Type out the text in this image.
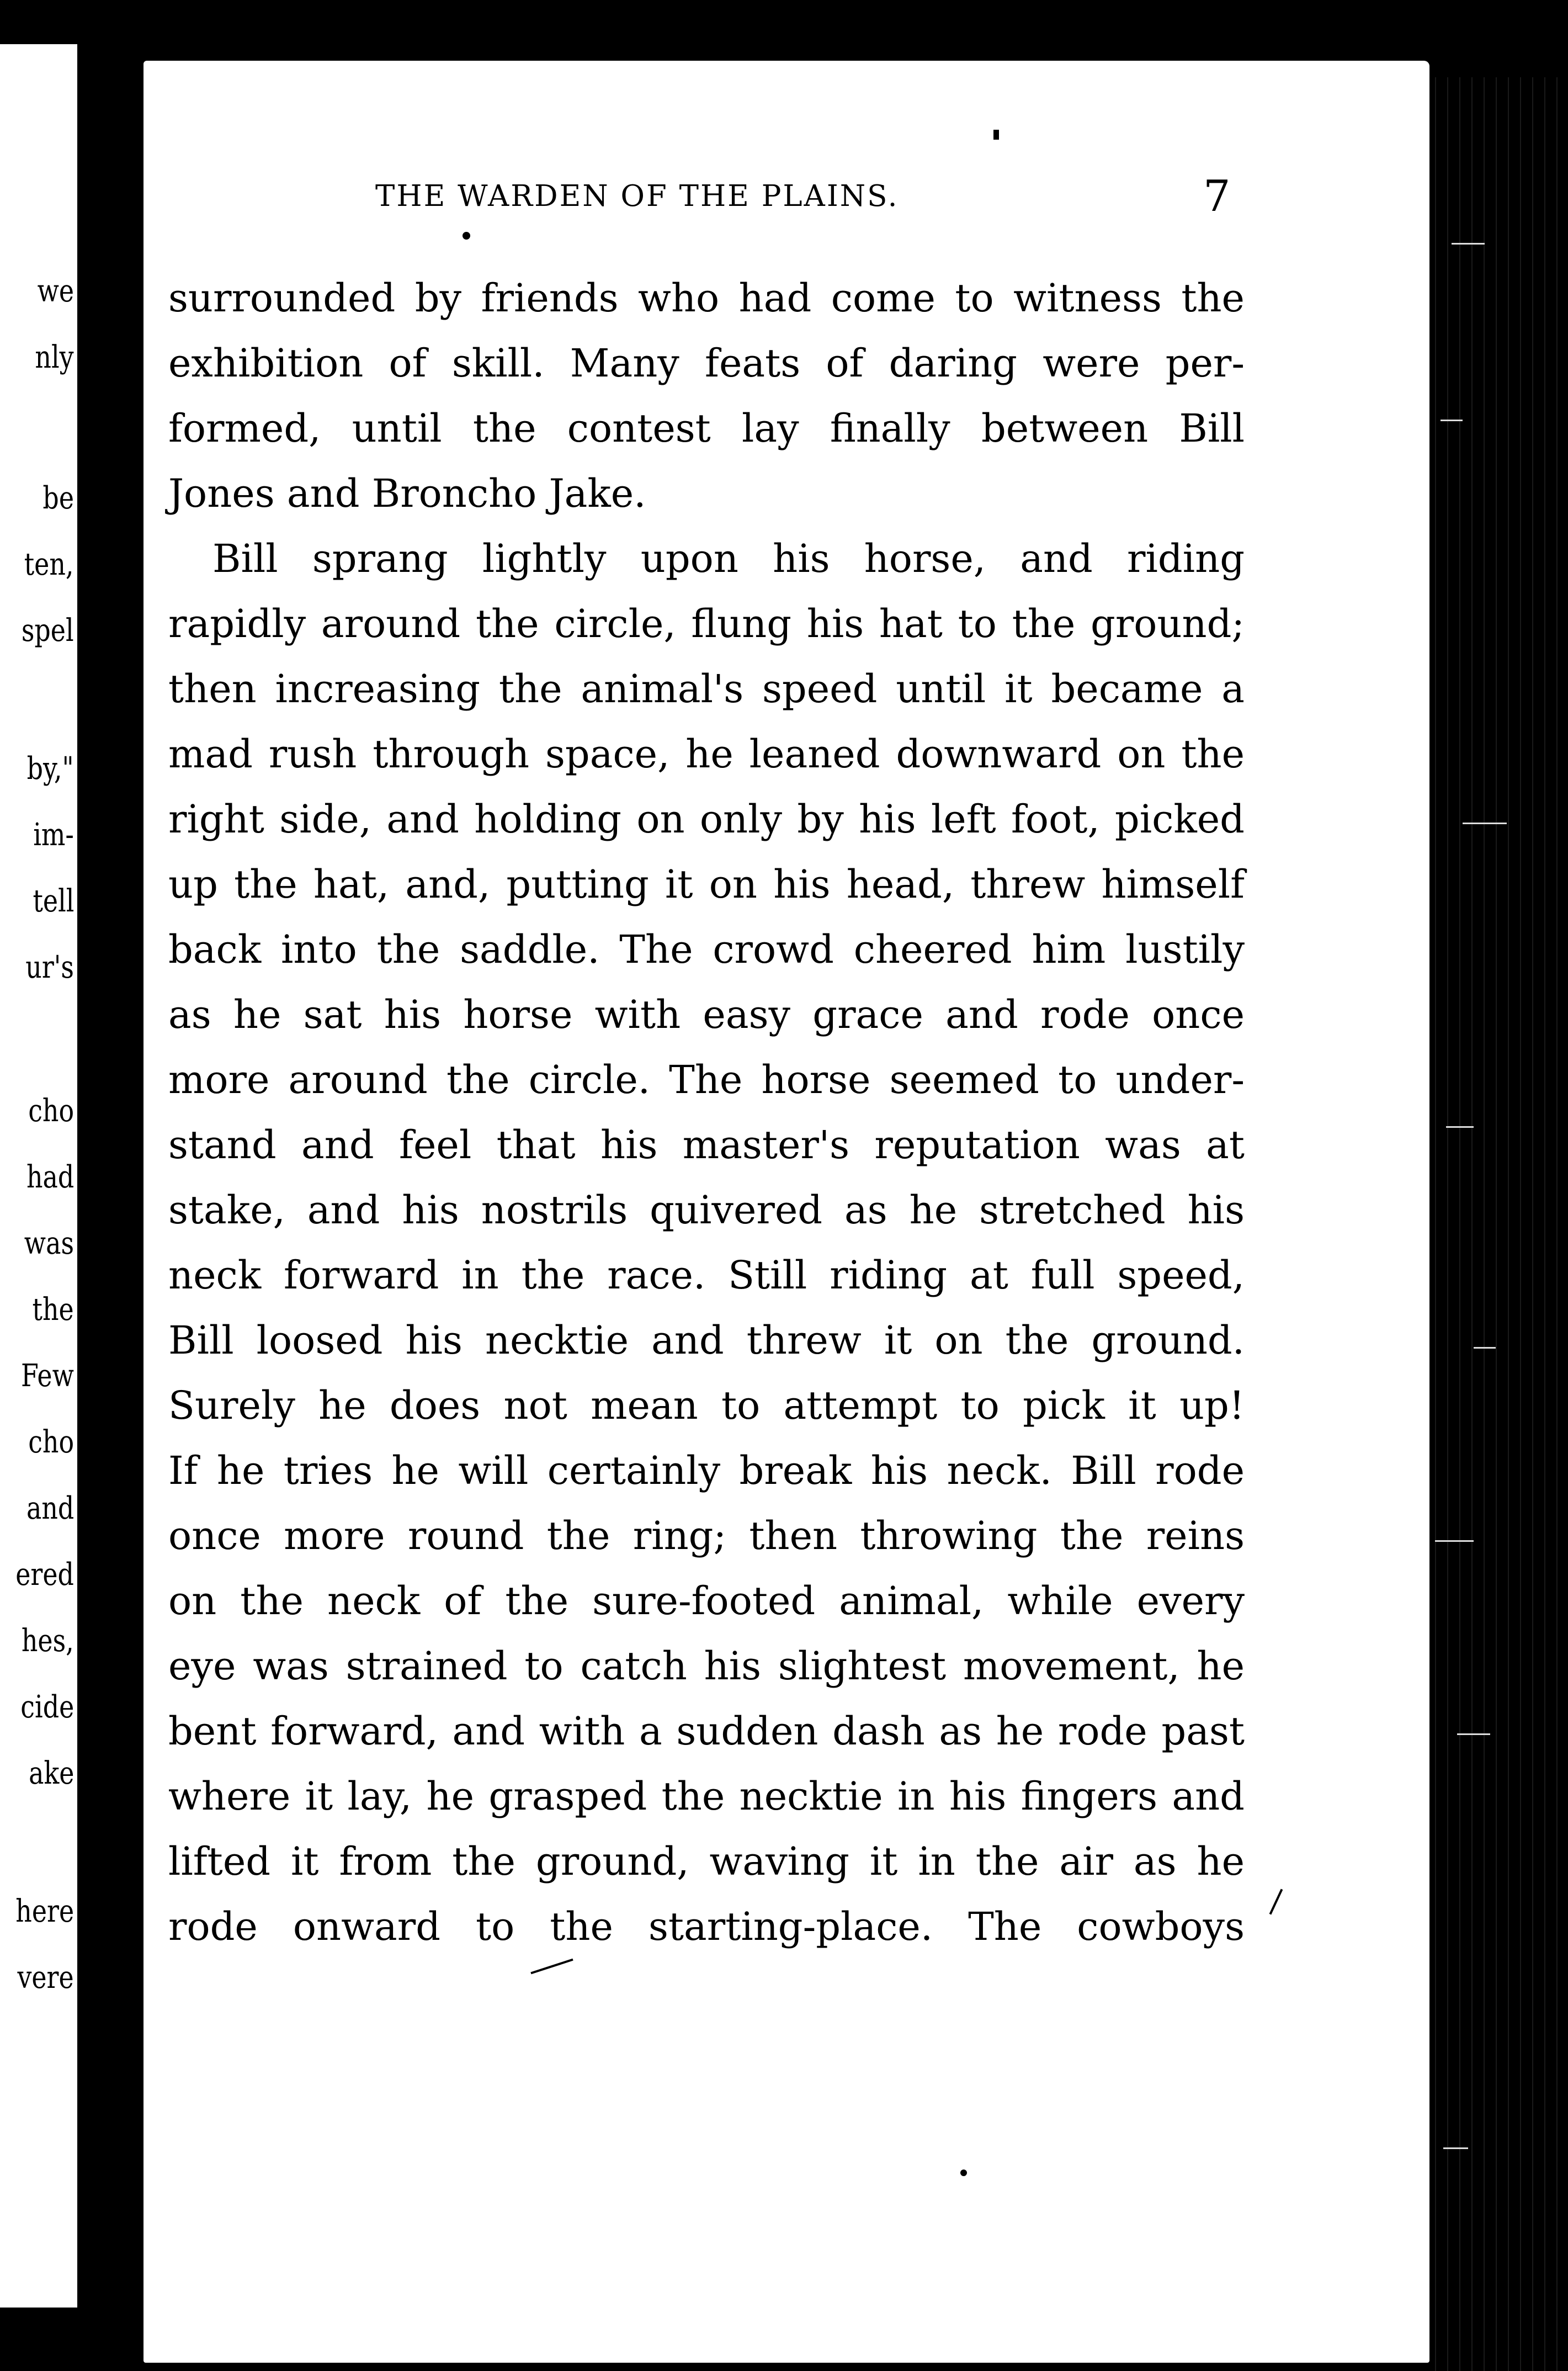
we
nly
be
ten,
spel
by,"
im-
tell
ur's
cho
had
was
the
Few
cho
and
ered
hes,
cide
ake
here
vere
THE WARDEN OF THE PLAINS.	7
surrounded by friends who had come to witness the
exhibition of skill. Many feats of daring were per-
formed, until the contest lay finally between Bill
Jones and Broncho Jake.
Bill sprang lightly upon his horse, and riding
rapidly around the circle, flung his hat to the ground;
then increasing the animal's speed until it became a
mad rush through space, he leaned downward on the
right side, and holding on only by his left foot, picked
up the hat, and, putting it on his head, threw himself
back into the saddle. The crowd cheered him lustily
as he sat his horse with easy grace and rode once
more around the circle. The horse seemed to under-
stand and feel that his master's reputation was at
stake, and his nostrils quivered as he stretched his
neck forward in the race. Still riding at full speed,
Bill loosed his necktie and threw it on the ground.
Surely he does not mean to attempt to pick it up!
If he tries he will certainly break his neck. Bill rode
once more round the ring; then throwing the reins
on the neck of the sure-footed animal, while every
eye was strained to catch his slightest movement, he
bent forward, and with a sudden dash as he rode past
where it lay, he grasped the necktie in his fingers and
lifted it from the ground, waving it in the air as he
rode onward to the starting-place. The cowboys
